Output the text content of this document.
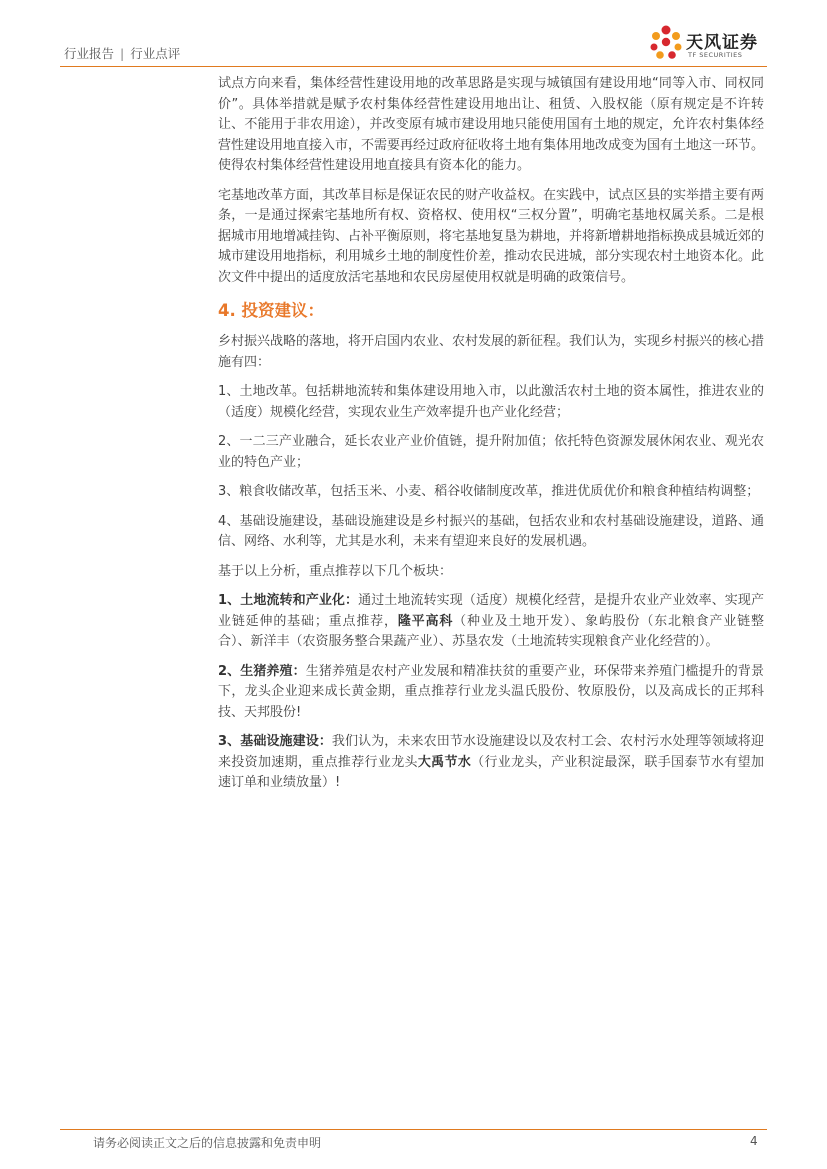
行业报告 | 行业点评
天风证券
TF SECURITIES

试点方向来看，集体经营性建设用地的改革思路是实现与城镇国有建设用地“同等入市、同权同价”。具体举措就是赋予农村集体经营性建设用地出让、租赁、入股权能（原有规定是不许转让、不能用于非农用途），并改变原有城市建设用地只能使用国有土地的规定，允许农村集体经营性建设用地直接入市，不需要再经过政府征收将土地有集体用地改成变为国有土地这一环节。使得农村集体经营性建设用地直接具有资本化的能力。

宅基地改革方面，其改革目标是保证农民的财产收益权。在实践中，试点区县的实举措主要有两条，一是通过探索宅基地所有权、资格权、使用权“三权分置”，明确宅基地权属关系。二是根据城市用地增减挂钩、占补平衡原则，将宅基地复垦为耕地，并将新增耕地指标换成县城近郊的城市建设用地指标，利用城乡土地的制度性价差，推动农民进城，部分实现农村土地资本化。此次文件中提出的适度放活宅基地和农民房屋使用权就是明确的政策信号。

4. 投资建议：

乡村振兴战略的落地，将开启国内农业、农村发展的新征程。我们认为，实现乡村振兴的核心措施有四：

1、土地改革。包括耕地流转和集体建设用地入市，以此激活农村土地的资本属性，推进农业的（适度）规模化经营，实现农业生产效率提升也产业化经营；

2、一二三产业融合，延长农业产业价值链，提升附加值；依托特色资源发展休闲农业、观光农业的特色产业；

3、粮食收储改革，包括玉米、小麦、稻谷收储制度改革，推进优质优价和粮食种植结构调整；

4、基础设施建设，基础设施建设是乡村振兴的基础，包括农业和农村基础设施建设，道路、通信、网络、水利等，尤其是水利，未来有望迎来良好的发展机遇。

基于以上分析，重点推荐以下几个板块：

1、土地流转和产业化：通过土地流转实现（适度）规模化经营，是提升农业产业效率、实现产业链延伸的基础；重点推荐，隆平高科（种业及土地开发）、象屿股份（东北粮食产业链整合）、新洋丰（农资服务整合果蔬产业）、苏垦农发（土地流转实现粮食产业化经营的）。

2、生猪养殖：生猪养殖是农村产业发展和精准扶贫的重要产业，环保带来养殖门槛提升的背景下，龙头企业迎来成长黄金期，重点推荐行业龙头温氏股份、牧原股份，以及高成长的正邦科技、天邦股份!

3、基础设施建设：我们认为，未来农田节水设施建设以及农村工会、农村污水处理等领域将迎来投资加速期，重点推荐行业龙头大禹节水（行业龙头，产业积淀最深，联手国泰节水有望加速订单和业绩放量）!

请务必阅读正文之后的信息披露和免责申明	4
